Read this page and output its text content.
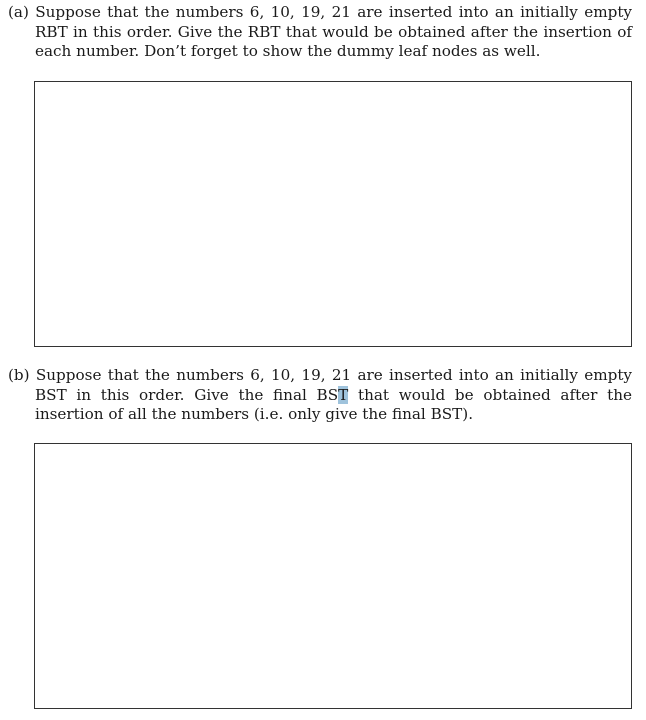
(a) Suppose that the numbers 6, 10, 19, 21 are inserted into an initially empty RBT in this order. Give the RBT that would be obtained after the insertion of each number. Don’t forget to show the dummy leaf nodes as well.
(b) Suppose that the numbers 6, 10, 19, 21 are inserted into an initially empty BST in this order. Give the final BST that would be obtained after the insertion of all the numbers (i.e. only give the final BST).
